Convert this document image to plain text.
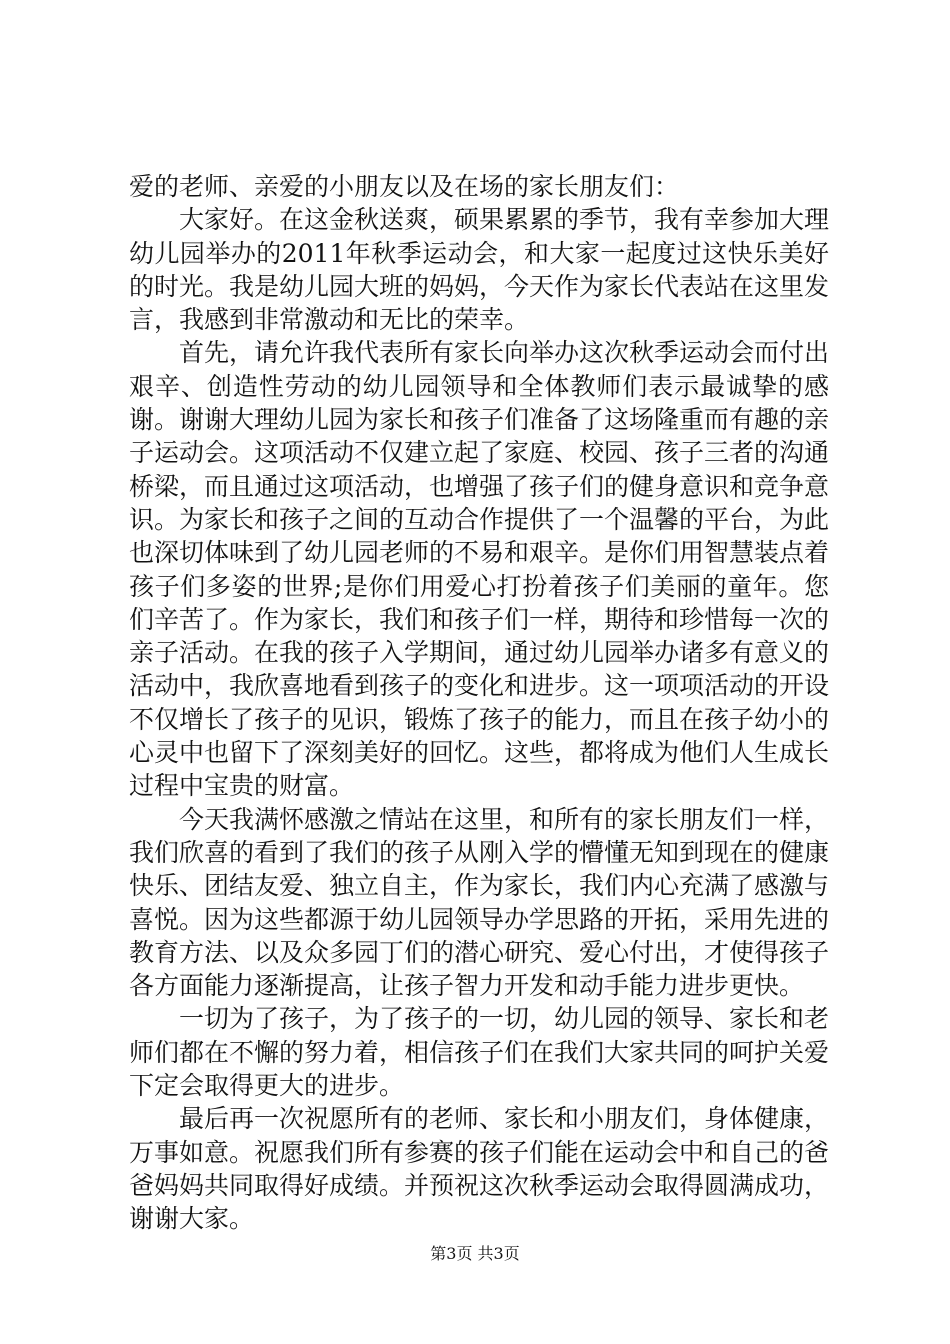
爱的老师、亲爱的小朋友以及在场的家长朋友们：

大家好。在这金秋送爽，硕果累累的季节，我有幸参加大理幼儿园举办的2011年秋季运动会，和大家一起度过这快乐美好的时光。我是幼儿园大班的妈妈，今天作为家长代表站在这里发言，我感到非常激动和无比的荣幸。

首先，请允许我代表所有家长向举办这次秋季运动会而付出艰辛、创造性劳动的幼儿园领导和全体教师们表示最诚挚的感谢。谢谢大理幼儿园为家长和孩子们准备了这场隆重而有趣的亲子运动会。这项活动不仅建立起了家庭、校园、孩子三者的沟通桥梁，而且通过这项活动，也增强了孩子们的健身意识和竞争意识。为家长和孩子之间的互动合作提供了一个温馨的平台，为此也深切体味到了幼儿园老师的不易和艰辛。是你们用智慧装点着孩子们多姿的世界;是你们用爱心打扮着孩子们美丽的童年。您们辛苦了。作为家长，我们和孩子们一样，期待和珍惜每一次的亲子活动。在我的孩子入学期间，通过幼儿园举办诸多有意义的活动中，我欣喜地看到孩子的变化和进步。这一项项活动的开设不仅增长了孩子的见识，锻炼了孩子的能力，而且在孩子幼小的心灵中也留下了深刻美好的回忆。这些，都将成为他们人生成长过程中宝贵的财富。

今天我满怀感激之情站在这里，和所有的家长朋友们一样，我们欣喜的看到了我们的孩子从刚入学的懵懂无知到现在的健康快乐、团结友爱、独立自主，作为家长，我们内心充满了感激与喜悦。因为这些都源于幼儿园领导办学思路的开拓，采用先进的教育方法、以及众多园丁们的潜心研究、爱心付出，才使得孩子各方面能力逐渐提高，让孩子智力开发和动手能力进步更快。

一切为了孩子，为了孩子的一切，幼儿园的领导、家长和老师们都在不懈的努力着，相信孩子们在我们大家共同的呵护关爱下定会取得更大的进步。

最后再一次祝愿所有的老师、家长和小朋友们，身体健康，万事如意。祝愿我们所有参赛的孩子们能在运动会中和自己的爸爸妈妈共同取得好成绩。并预祝这次秋季运动会取得圆满成功，谢谢大家。

第3页 共3页
